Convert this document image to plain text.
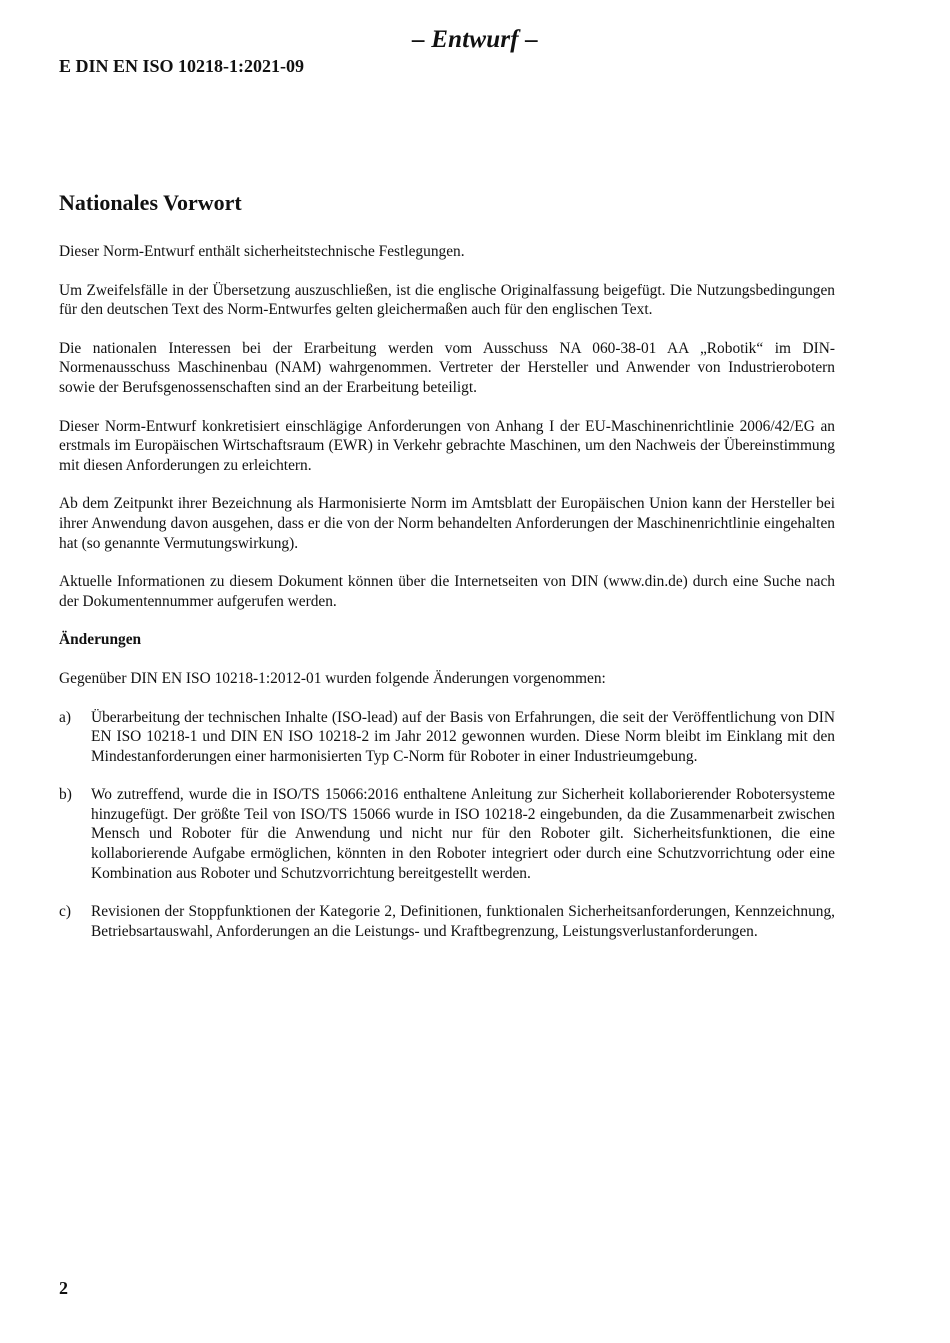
– Entwurf –
E DIN EN ISO 10218-1:2021-09
Nationales Vorwort

Dieser Norm-Entwurf enthält sicherheitstechnische Festlegungen.

Um Zweifelsfälle in der Übersetzung auszuschließen, ist die englische Originalfassung beigefügt. Die Nutzungsbedingungen für den deutschen Text des Norm-Entwurfes gelten gleichermaßen auch für den englischen Text.

Die nationalen Interessen bei der Erarbeitung werden vom Ausschuss NA 060-38-01 AA „Robotik“ im DIN-Normenausschuss Maschinenbau (NAM) wahrgenommen. Vertreter der Hersteller und Anwender von Industrierobotern sowie der Berufsgenossenschaften sind an der Erarbeitung beteiligt.

Dieser Norm-Entwurf konkretisiert einschlägige Anforderungen von Anhang I der EU-Maschinenrichtlinie 2006/42/EG an erstmals im Europäischen Wirtschaftsraum (EWR) in Verkehr gebrachte Maschinen, um den Nachweis der Übereinstimmung mit diesen Anforderungen zu erleichtern.

Ab dem Zeitpunkt ihrer Bezeichnung als Harmonisierte Norm im Amtsblatt der Europäischen Union kann der Hersteller bei ihrer Anwendung davon ausgehen, dass er die von der Norm behandelten Anforderungen der Maschinenrichtlinie eingehalten hat (so genannte Vermutungswirkung).

Aktuelle Informationen zu diesem Dokument können über die Internetseiten von DIN (www.din.de) durch eine Suche nach der Dokumentennummer aufgerufen werden.

Änderungen

Gegenüber DIN EN ISO 10218-1:2012-01 wurden folgende Änderungen vorgenommen:

a)	Überarbeitung der technischen Inhalte (ISO-lead) auf der Basis von Erfahrungen, die seit der Veröffentlichung von DIN EN ISO 10218-1 und DIN EN ISO 10218-2 im Jahr 2012 gewonnen wurden. Diese Norm bleibt im Einklang mit den Mindestanforderungen einer harmonisierten Typ C-Norm für Roboter in einer Industrieumgebung.
b)	Wo zutreffend, wurde die in ISO/TS 15066:2016 enthaltene Anleitung zur Sicherheit kollaborierender Robotersysteme hinzugefügt. Der größte Teil von ISO/TS 15066 wurde in ISO 10218-2 eingebunden, da die Zusammenarbeit zwischen Mensch und Roboter für die Anwendung und nicht nur für den Roboter gilt. Sicherheitsfunktionen, die eine kollaborierende Aufgabe ermöglichen, könnten in den Roboter integriert oder durch eine Schutzvorrichtung oder eine Kombination aus Roboter und Schutzvorrichtung bereitgestellt werden.
c)	Revisionen der Stoppfunktionen der Kategorie 2, Definitionen, funktionalen Sicherheitsanforderungen, Kennzeichnung, Betriebsartauswahl, Anforderungen an die Leistungs- und Kraftbegrenzung, Leistungsverlustanforderungen.
2
